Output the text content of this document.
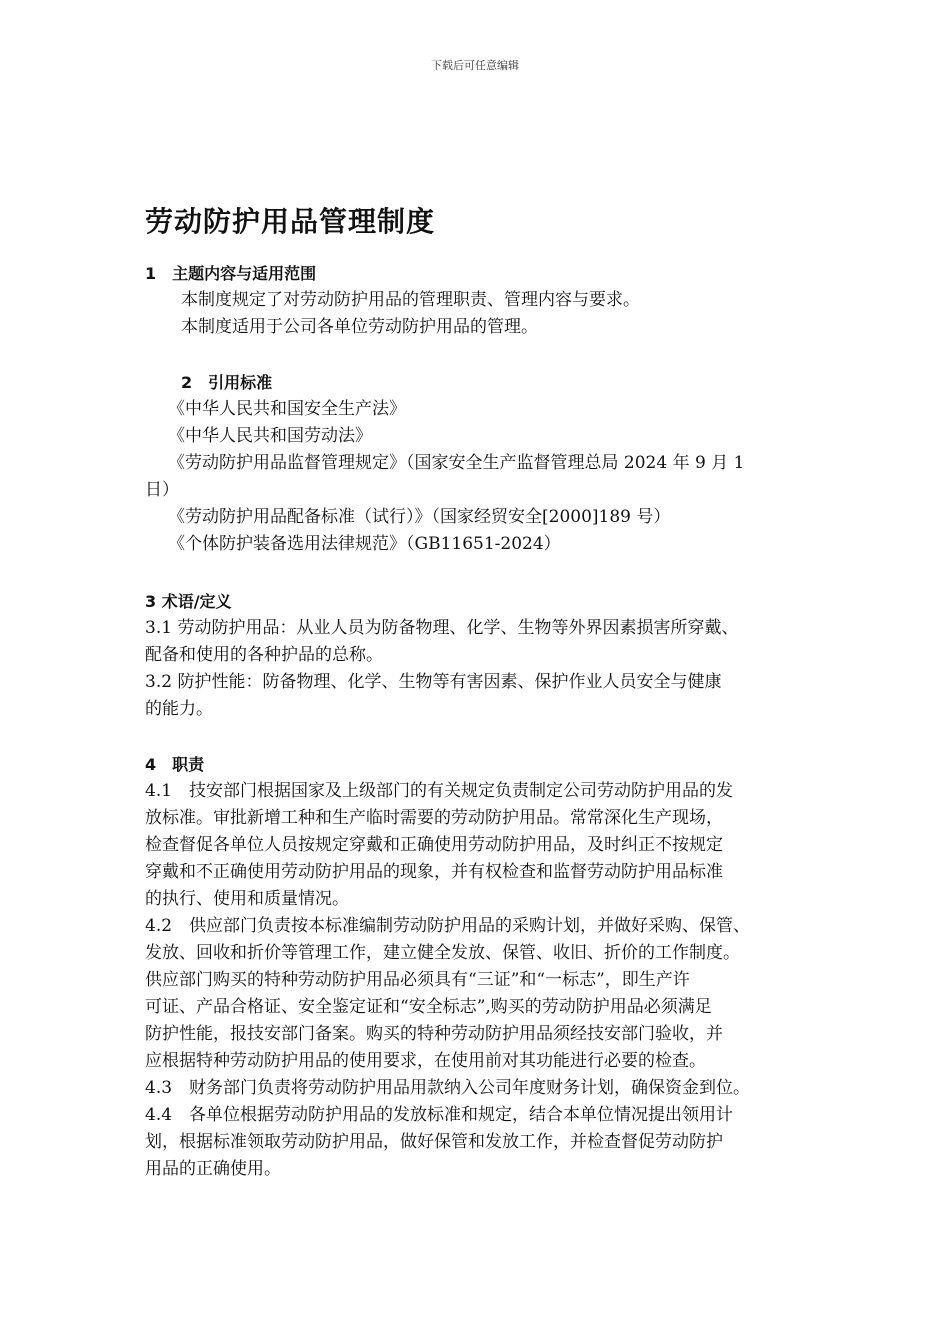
下载后可任意编辑
劳动防护用品管理制度

1　主题内容与适用范围

本制度规定了对劳动防护用品的管理职责、管理内容与要求。

本制度适用于公司各单位劳动防护用品的管理。

2　引用标准

《中华人民共和国安全生产法》

《中华人民共和国劳动法》

《劳动防护用品监督管理规定》（国家安全生产监督管理总局 2024 年 9 月 1

日）

《劳动防护用品配备标准（试行）》（国家经贸安全[2000]189 号）

《个体防护装备选用法律规范》（GB11651-2024）

3 术语/定义

3.1 劳动防护用品：从业人员为防备物理、化学、生物等外界因素损害所穿戴、

配备和使用的各种护品的总称。

3.2 防护性能：防备物理、化学、生物等有害因素、保护作业人员安全与健康

的能力。

4　职责

4.1　技安部门根据国家及上级部门的有关规定负责制定公司劳动防护用品的发

放标准。审批新增工种和生产临时需要的劳动防护用品。常常深化生产现场，

检查督促各单位人员按规定穿戴和正确使用劳动防护用品，及时纠正不按规定

穿戴和不正确使用劳动防护用品的现象，并有权检查和监督劳动防护用品标准

的执行、使用和质量情况。

4.2　供应部门负责按本标准编制劳动防护用品的采购计划，并做好采购、保管、

发放、回收和折价等管理工作，建立健全发放、保管、收旧、折价的工作制度。

供应部门购买的特种劳动防护用品必须具有“三证”和“一标志”，即生产许

可证、产品合格证、安全鉴定证和“安全标志”,购买的劳动防护用品必须满足

防护性能，报技安部门备案。购买的特种劳动防护用品须经技安部门验收，并

应根据特种劳动防护用品的使用要求，在使用前对其功能进行必要的检查。

4.3　财务部门负责将劳动防护用品用款纳入公司年度财务计划，确保资金到位。

4.4　各单位根据劳动防护用品的发放标准和规定，结合本单位情况提出领用计

划，根据标准领取劳动防护用品，做好保管和发放工作，并检查督促劳动防护

用品的正确使用。
